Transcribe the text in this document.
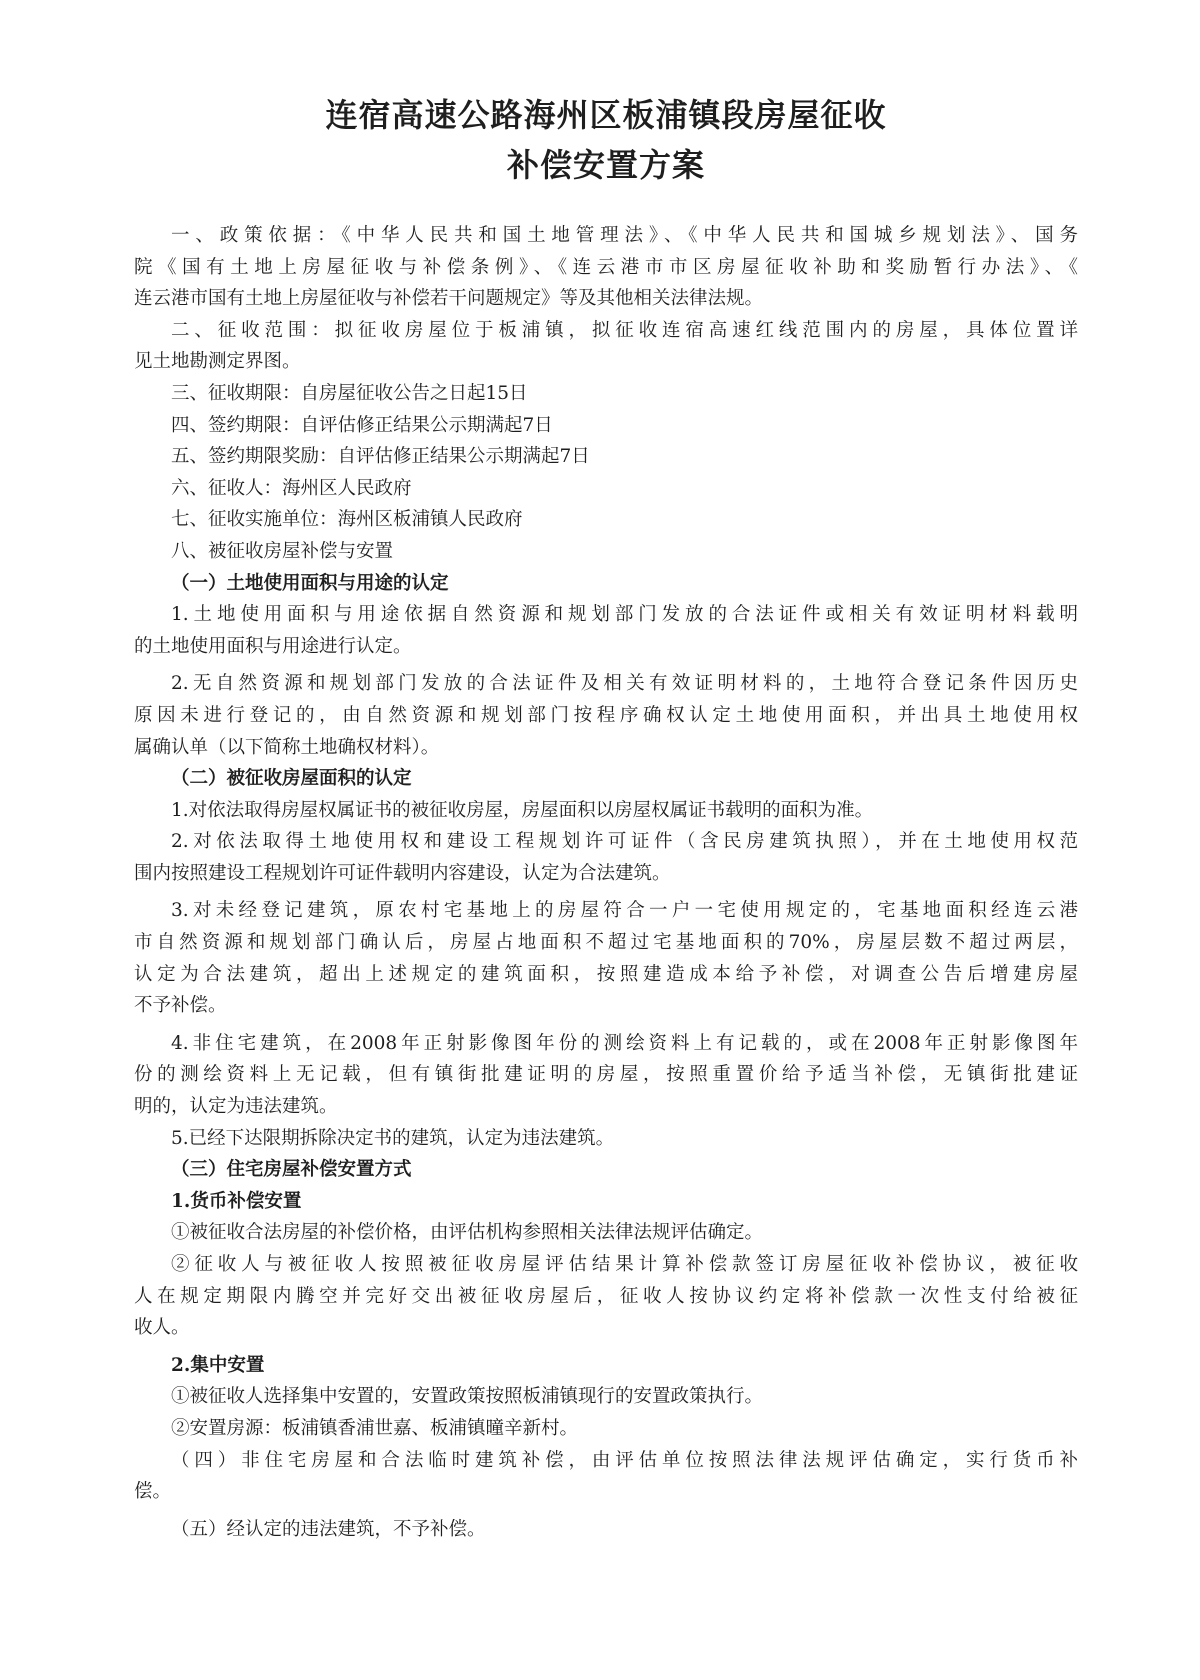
连宿高速公路海州区板浦镇段房屋征收
补偿安置方案
一、政策依据：《中华人民共和国土地管理法》、《中华人民共和国城乡规划法》、国务
院《国有土地上房屋征收与补偿条例》、《连云港市市区房屋征收补助和奖励暂行办法》、《
连云港市国有土地上房屋征收与补偿若干问题规定》等及其他相关法律法规。
二、征收范围：拟征收房屋位于板浦镇，拟征收连宿高速红线范围内的房屋，具体位置详
见土地勘测定界图。
三、征收期限：自房屋征收公告之日起15日
四、签约期限：自评估修正结果公示期满起7日
五、签约期限奖励：自评估修正结果公示期满起7日
六、征收人：海州区人民政府
七、征收实施单位：海州区板浦镇人民政府
八、被征收房屋补偿与安置
（一）土地使用面积与用途的认定
1.土地使用面积与用途依据自然资源和规划部门发放的合法证件或相关有效证明材料载明
的土地使用面积与用途进行认定。
2.无自然资源和规划部门发放的合法证件及相关有效证明材料的，土地符合登记条件因历史
原因未进行登记的，由自然资源和规划部门按程序确权认定土地使用面积，并出具土地使用权
属确认单（以下简称土地确权材料）。
（二）被征收房屋面积的认定
1.对依法取得房屋权属证书的被征收房屋，房屋面积以房屋权属证书载明的面积为准。
2.对依法取得土地使用权和建设工程规划许可证件（含民房建筑执照），并在土地使用权范
围内按照建设工程规划许可证件载明内容建设，认定为合法建筑。
3.对未经登记建筑，原农村宅基地上的房屋符合一户一宅使用规定的，宅基地面积经连云港
市自然资源和规划部门确认后，房屋占地面积不超过宅基地面积的70%，房屋层数不超过两层，
认定为合法建筑，超出上述规定的建筑面积，按照建造成本给予补偿，对调查公告后增建房屋
不予补偿。
4.非住宅建筑，在2008年正射影像图年份的测绘资料上有记载的，或在2008年正射影像图年
份的测绘资料上无记载，但有镇街批建证明的房屋，按照重置价给予适当补偿，无镇街批建证
明的，认定为违法建筑。
5.已经下达限期拆除决定书的建筑，认定为违法建筑。
（三）住宅房屋补偿安置方式
1.货币补偿安置
①被征收合法房屋的补偿价格，由评估机构参照相关法律法规评估确定。
②征收人与被征收人按照被征收房屋评估结果计算补偿款签订房屋征收补偿协议，被征收
人在规定期限内腾空并完好交出被征收房屋后，征收人按协议约定将补偿款一次性支付给被征
收人。
2.集中安置
①被征收人选择集中安置的，安置政策按照板浦镇现行的安置政策执行。
②安置房源：板浦镇香浦世嘉、板浦镇曈辛新村。
（四）非住宅房屋和合法临时建筑补偿，由评估单位按照法律法规评估确定，实行货币补
偿。
（五）经认定的违法建筑，不予补偿。
